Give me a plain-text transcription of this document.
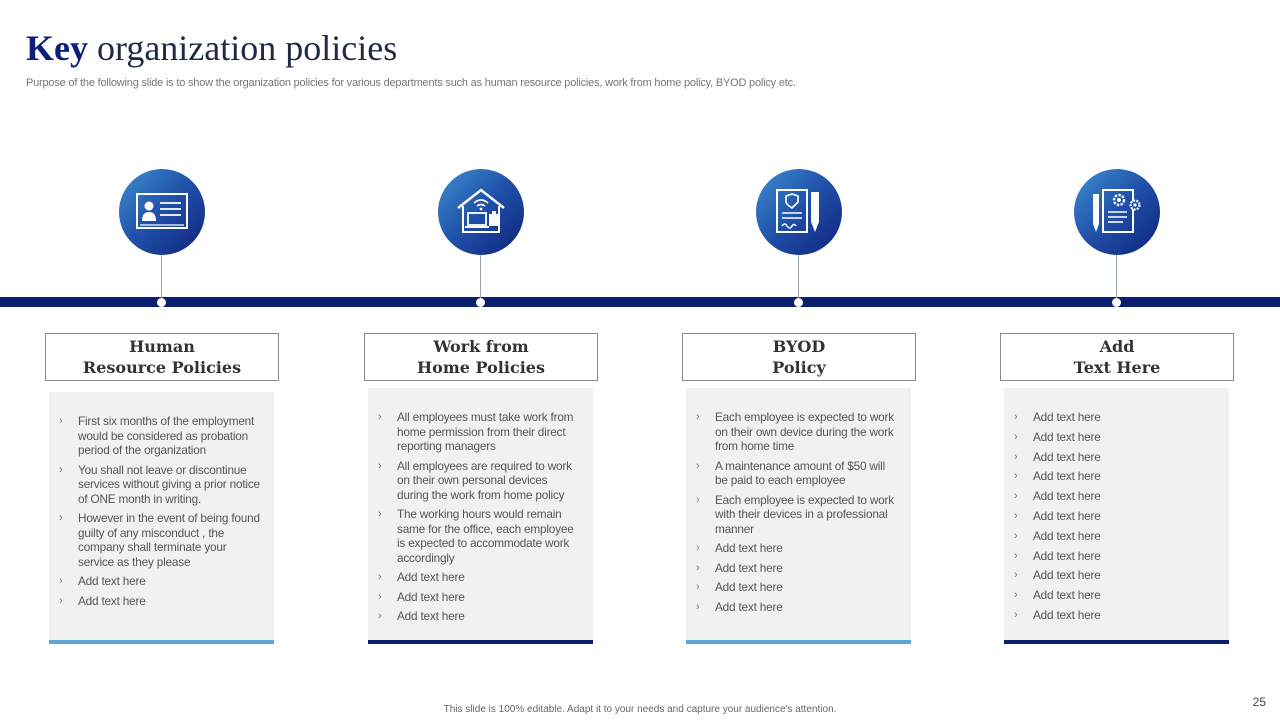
Key organization policies
Purpose of the following slide is to show the organization policies for various departments such as human resource policies, work from home policy, BYOD policy etc.
Human
Resource Policies
› First six months of the employment would be considered as probation period of the organization
› You shall not leave or discontinue services without giving a prior notice of ONE month in writing.
› However in the event of being found guilty of any misconduct , the company shall terminate your service as they please
› Add text here
› Add text here
Work from
Home Policies
› All employees must take work from home permission from their direct reporting managers
› All employees are required to work on their own personal devices during the work from home policy
› The working hours would remain same for the office, each employee is expected to accommodate work accordingly
› Add text here
› Add text here
› Add text here
BYOD
Policy
› Each employee is expected to work on their own device during the work from home time
› A maintenance amount of $50 will be paid to each employee
› Each employee is expected to work with their devices in a professional manner
› Add text here
› Add text here
› Add text here
› Add text here
Add
Text Here
› Add text here
› Add text here
› Add text here
› Add text here
› Add text here
› Add text here
› Add text here
› Add text here
› Add text here
› Add text here
› Add text here
This slide is 100% editable. Adapt it to your needs and capture your audience's attention.
25
